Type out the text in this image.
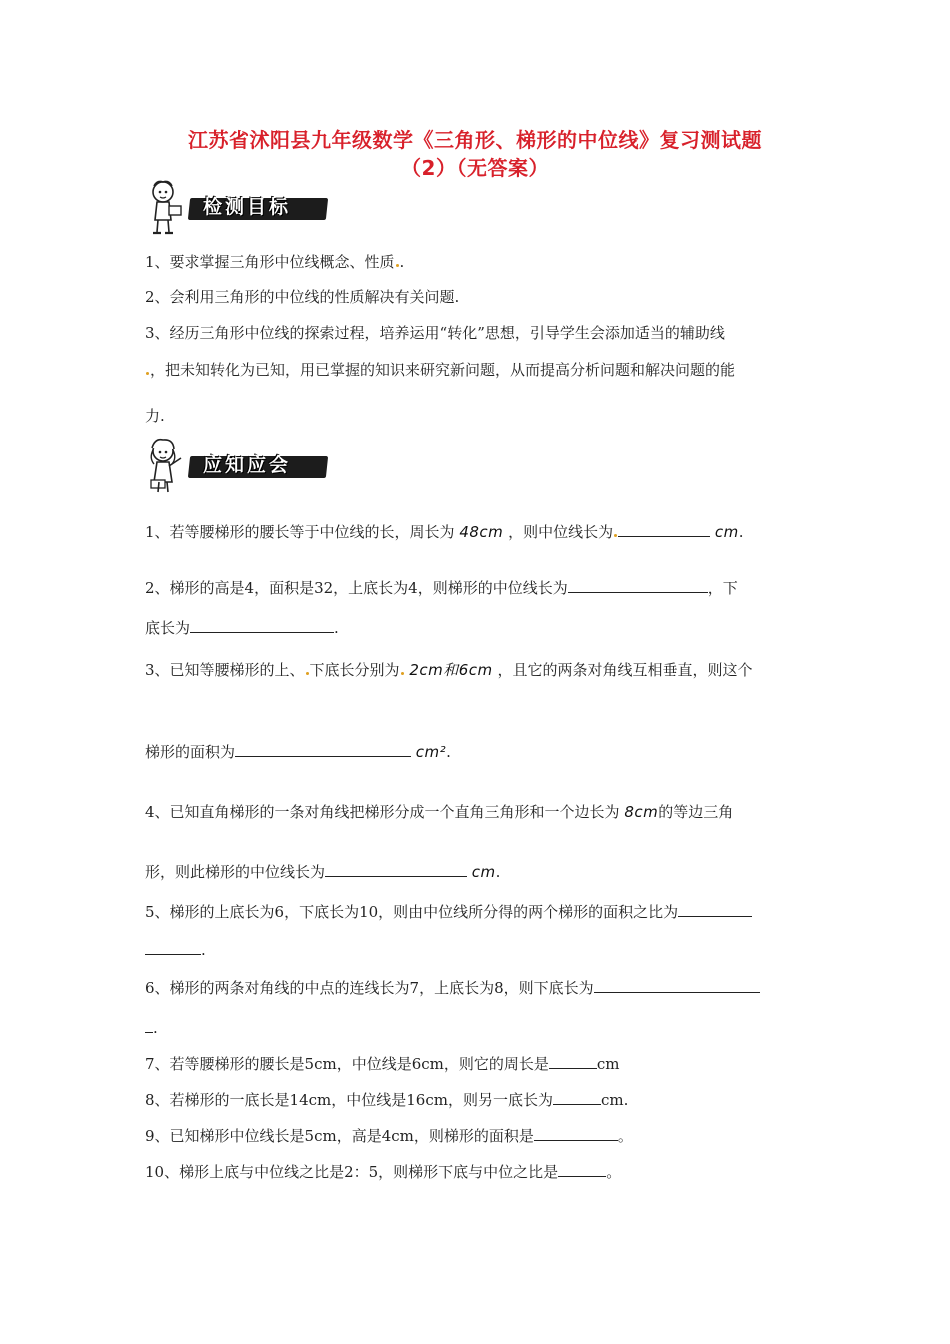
江苏省沭阳县九年级数学《三角形、梯形的中位线》复习测试题
（2）（无答案）
检测目标
1、要求掌握三角形中位线概念、性质 .
2、会利用三角形的中位线的性质解决有关问题.
3、经历三角形中位线的探索过程，培养运用“转化”思想，引导学生会添加适当的辅助线
，把未知转化为已知，用已掌握的知识来研究新问题，从而提高分析问题和解决问题的能
力.
应知应会
1、若等腰梯形的腰长等于中位线的长，周长为 48cm ，则中位线长为	cm.
2、梯形的高是4，面积是32，上底长为4，则梯形的中位线长为	，下
底长为	.
3、已知等腰梯形的上、 下底长分别为 2cm和6cm ，且它的两条对角线互相垂直，则这个
梯形的面积为	cm².
4、已知直角梯形的一条对角线把梯形分成一个直角三角形和一个边长为 8cm的等边三角
形，则此梯形的中位线长为	cm.
5、梯形的上底长为6，下底长为10，则由中位线所分得的两个梯形的面积之比为
.
6、梯形的两条对角线的中点的连线长为7，上底长为8，则下底长为
.
7、若等腰梯形的腰长是5cm，中位线是6cm，则它的周长是	cm
8、若梯形的一底长是14cm，中位线是16cm，则另一底长为	cm.
9、已知梯形中位线长是5cm，高是4cm，则梯形的面积是	。
10、梯形上底与中位线之比是2：5，则梯形下底与中位之比是	。
